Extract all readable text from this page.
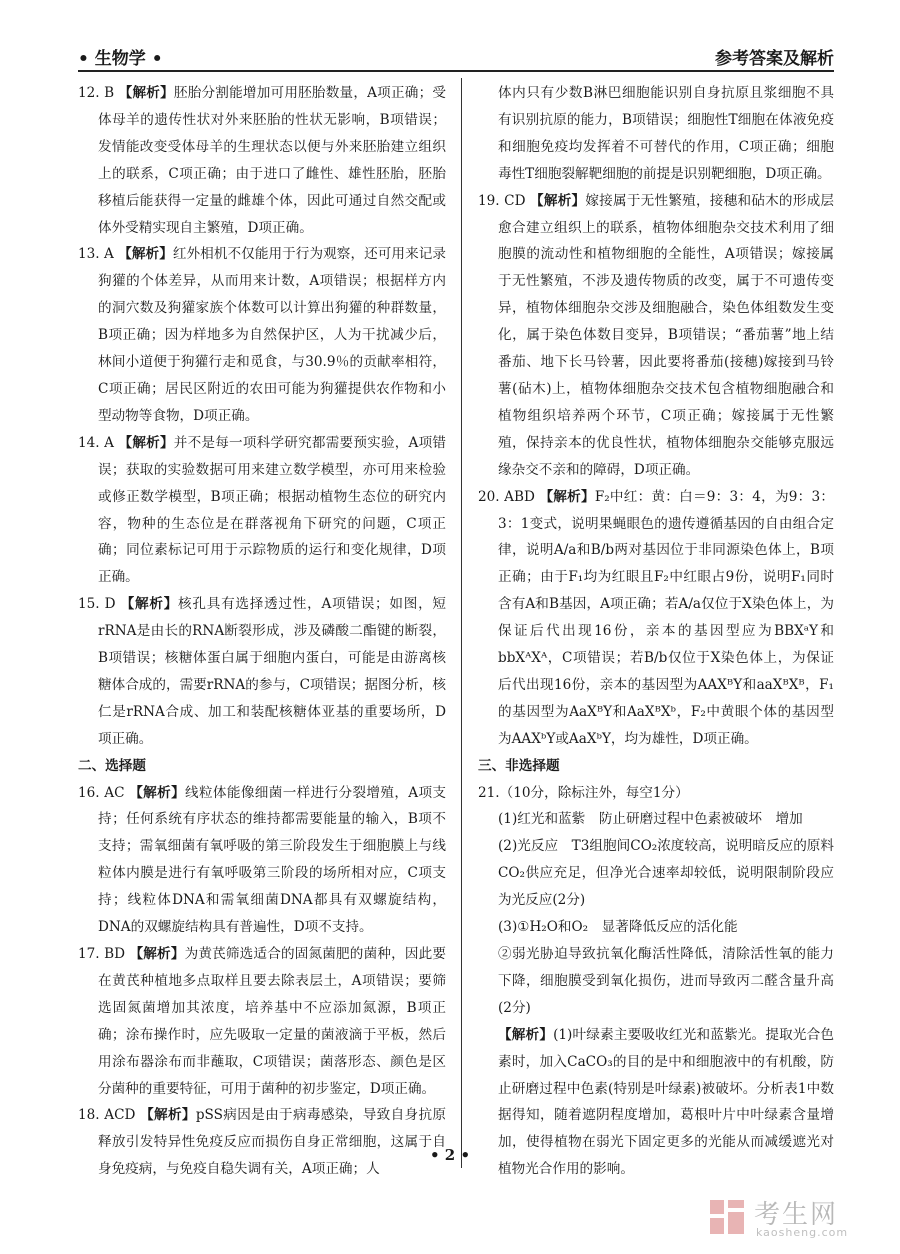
• 生物学 •	参考答案及解析

12. B 【解析】胚胎分割能增加可用胚胎数量，A项正确；受体母羊的遗传性状对外来胚胎的性状无影响，B项错误；发情能改变受体母羊的生理状态以便与外来胚胎建立组织上的联系，C项正确；由于进口了雌性、雄性胚胎，胚胎移植后能获得一定量的雌雄个体，因此可通过自然交配或体外受精实现自主繁殖，D项正确。

13. A 【解析】红外相机不仅能用于行为观察，还可用来记录狗獾的个体差异，从而用来计数，A项错误；根据样方内的洞穴数及狗獾家族个体数可以计算出狗獾的种群数量，B项正确；因为样地多为自然保护区，人为干扰减少后，林间小道便于狗獾行走和觅食，与30.9％的贡献率相符，C项正确；居民区附近的农田可能为狗獾提供农作物和小型动物等食物，D项正确。

14. A 【解析】并不是每一项科学研究都需要预实验，A项错误；获取的实验数据可用来建立数学模型，亦可用来检验或修正数学模型，B项正确；根据动植物生态位的研究内容，物种的生态位是在群落视角下研究的问题，C项正确；同位素标记可用于示踪物质的运行和变化规律，D项正确。

15. D 【解析】核孔具有选择透过性，A项错误；如图，短rRNA是由长的RNA断裂形成，涉及磷酸二酯键的断裂，B项错误；核糖体蛋白属于细胞内蛋白，可能是由游离核糖体合成的，需要rRNA的参与，C项错误；据图分析，核仁是rRNA合成、加工和装配核糖体亚基的重要场所，D项正确。

二、选择题

16. AC 【解析】线粒体能像细菌一样进行分裂增殖，A项支持；任何系统有序状态的维持都需要能量的输入，B项不支持；需氧细菌有氧呼吸的第三阶段发生于细胞膜上与线粒体内膜是进行有氧呼吸第三阶段的场所相对应，C项支持；线粒体DNA和需氧细菌DNA都具有双螺旋结构，DNA的双螺旋结构具有普遍性，D项不支持。

17. BD 【解析】为黄芪筛选适合的固氮菌肥的菌种，因此要在黄芪种植地多点取样且要去除表层土，A项错误；要筛选固氮菌增加其浓度，培养基中不应添加氮源，B项正确；涂布操作时，应先吸取一定量的菌液滴于平板，然后用涂布器涂布而非蘸取，C项错误；菌落形态、颜色是区分菌种的重要特征，可用于菌种的初步鉴定，D项正确。

18. ACD 【解析】pSS病因是由于病毒感染，导致自身抗原释放引发特异性免疫反应而损伤自身正常细胞，这属于自身免疫病，与免疫自稳失调有关，A项正确；人

体内只有少数B淋巴细胞能识别自身抗原且浆细胞不具有识别抗原的能力，B项错误；细胞性T细胞在体液免疫和细胞免疫均发挥着不可替代的作用，C项正确；细胞毒性T细胞裂解靶细胞的前提是识别靶细胞，D项正确。

19. CD 【解析】嫁接属于无性繁殖，接穗和砧木的形成层愈合建立组织上的联系，植物体细胞杂交技术利用了细胞膜的流动性和植物细胞的全能性，A项错误；嫁接属于无性繁殖，不涉及遗传物质的改变，属于不可遗传变异，植物体细胞杂交涉及细胞融合，染色体组数发生变化，属于染色体数目变异，B项错误；“番茄薯”地上结番茄、地下长马铃薯，因此要将番茄(接穗)嫁接到马铃薯(砧木)上，植物体细胞杂交技术包含植物细胞融合和植物组织培养两个环节，C项正确；嫁接属于无性繁殖，保持亲本的优良性状，植物体细胞杂交能够克服远缘杂交不亲和的障碍，D项正确。

20. ABD 【解析】F₂中红：黄：白＝9：3：4，为9：3：3：1变式，说明果蝇眼色的遗传遵循基因的自由组合定律，说明A/a和B/b两对基因位于非同源染色体上，B项正确；由于F₁均为红眼且F₂中红眼占9份，说明F₁同时含有A和B基因，A项正确；若A/a仅位于X染色体上，为保证后代出现16份，亲本的基因型应为BBXᵃY和bbXᴬXᴬ，C项错误；若B/b仅位于X染色体上，为保证后代出现16份，亲本的基因型为AAXᴮY和aaXᴮXᴮ，F₁的基因型为AaXᴮY和AaXᴮXᵇ，F₂中黄眼个体的基因型为AAXᵇY或AaXᵇY，均为雄性，D项正确。

三、非选择题

21.（10分，除标注外，每空1分）

(1)红光和蓝紫　防止研磨过程中色素被破坏　增加

(2)光反应　T3组胞间CO₂浓度较高，说明暗反应的原料CO₂供应充足，但净光合速率却较低，说明限制阶段应为光反应(2分)

(3)①H₂O和O₂　显著降低反应的活化能

②弱光胁迫导致抗氧化酶活性降低，清除活性氧的能力下降，细胞膜受到氧化损伤，进而导致丙二醛含量升高(2分)

【解析】(1)叶绿素主要吸收红光和蓝紫光。提取光合色素时，加入CaCO₃的目的是中和细胞液中的有机酸，防止研磨过程中色素(特别是叶绿素)被破坏。分析表1中数据得知，随着遮阴程度增加，葛根叶片中叶绿素含量增加，使得植物在弱光下固定更多的光能从而减缓遮光对植物光合作用的影响。

• 2 •
考生网
kaosheng.com
